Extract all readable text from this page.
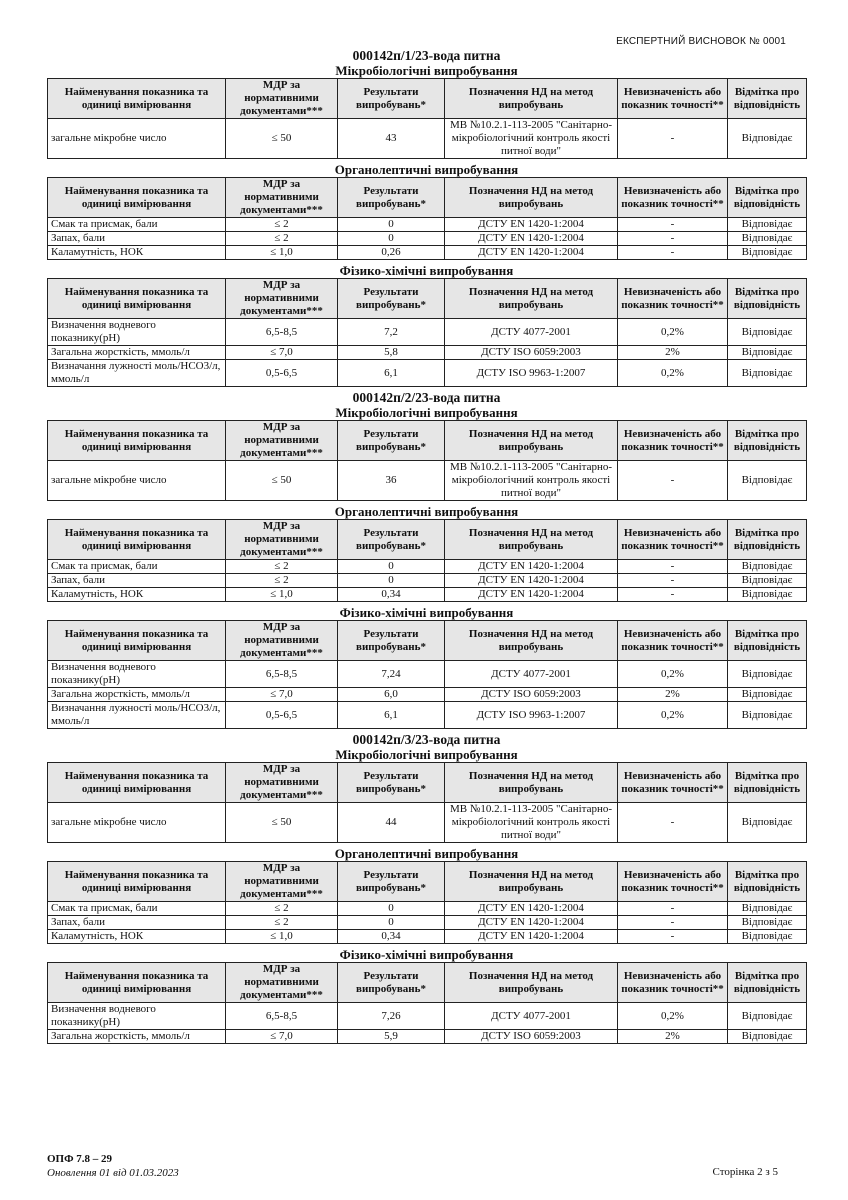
ЕКСПЕРТНИЙ ВИСНОВОК № 0001
000142п/1/23-вода питна
Мікробіологічні випробування
Найменування показника та одиниці вимірювання	МДР за нормативними документами***	Результати випробувань*	Позначення НД на метод випробувань	Невизначеність або показник точності**	Відмітка про відповідність
загальне мікробне число	≤ 50	43	МВ №10.2.1-113-2005 "Санітарно-мікробіологічний контроль якості питної води"	-	Відповідає
Органолептичні випробування
Найменування показника та одиниці вимірювання	МДР за нормативними документами***	Результати випробувань*	Позначення НД на метод випробувань	Невизначеність або показник точності**	Відмітка про відповідність
Смак та присмак, бали	≤ 2	0	ДСТУ EN 1420-1:2004	-	Відповідає
Запах, бали	≤ 2	0	ДСТУ EN 1420-1:2004	-	Відповідає
Каламутність, НОК	≤ 1,0	0,26	ДСТУ EN 1420-1:2004	-	Відповідає
Фізико-хімічні випробування
Найменування показника та одиниці вимірювання	МДР за нормативними документами***	Результати випробувань*	Позначення НД на метод випробувань	Невизначеність або показник точності**	Відмітка про відповідність
Визначення водневого показнику(pH)	6,5-8,5	7,2	ДСТУ 4077-2001	0,2%	Відповідає
Загальна жорсткість, ммоль/л	≤ 7,0	5,8	ДСТУ ISO 6059:2003	2%	Відповідає
Визначання лужності моль/НСО3/л, ммоль/л	0,5-6,5	6,1	ДСТУ ISO 9963-1:2007	0,2%	Відповідає
000142п/2/23-вода питна
Мікробіологічні випробування
Найменування показника та одиниці вимірювання	МДР за нормативними документами***	Результати випробувань*	Позначення НД на метод випробувань	Невизначеність або показник точності**	Відмітка про відповідність
загальне мікробне число	≤ 50	36	МВ №10.2.1-113-2005 "Санітарно-мікробіологічний контроль якості питної води"	-	Відповідає
Органолептичні випробування
Найменування показника та одиниці вимірювання	МДР за нормативними документами***	Результати випробувань*	Позначення НД на метод випробувань	Невизначеність або показник точності**	Відмітка про відповідність
Смак та присмак, бали	≤ 2	0	ДСТУ EN 1420-1:2004	-	Відповідає
Запах, бали	≤ 2	0	ДСТУ EN 1420-1:2004	-	Відповідає
Каламутність, НОК	≤ 1,0	0,34	ДСТУ EN 1420-1:2004	-	Відповідає
Фізико-хімічні випробування
Найменування показника та одиниці вимірювання	МДР за нормативними документами***	Результати випробувань*	Позначення НД на метод випробувань	Невизначеність або показник точності**	Відмітка про відповідність
Визначення водневого показнику(pH)	6,5-8,5	7,24	ДСТУ 4077-2001	0,2%	Відповідає
Загальна жорсткість, ммоль/л	≤ 7,0	6,0	ДСТУ ISO 6059:2003	2%	Відповідає
Визначання лужності моль/НСО3/л, ммоль/л	0,5-6,5	6,1	ДСТУ ISO 9963-1:2007	0,2%	Відповідає
000142п/3/23-вода питна
Мікробіологічні випробування
Найменування показника та одиниці вимірювання	МДР за нормативними документами***	Результати випробувань*	Позначення НД на метод випробувань	Невизначеність або показник точності**	Відмітка про відповідність
загальне мікробне число	≤ 50	44	МВ №10.2.1-113-2005 "Санітарно-мікробіологічний контроль якості питної води"	-	Відповідає
Органолептичні випробування
Найменування показника та одиниці вимірювання	МДР за нормативними документами***	Результати випробувань*	Позначення НД на метод випробувань	Невизначеність або показник точності**	Відмітка про відповідність
Смак та присмак, бали	≤ 2	0	ДСТУ EN 1420-1:2004	-	Відповідає
Запах, бали	≤ 2	0	ДСТУ EN 1420-1:2004	-	Відповідає
Каламутність, НОК	≤ 1,0	0,34	ДСТУ EN 1420-1:2004	-	Відповідає
Фізико-хімічні випробування
Найменування показника та одиниці вимірювання	МДР за нормативними документами***	Результати випробувань*	Позначення НД на метод випробувань	Невизначеність або показник точності**	Відмітка про відповідність
Визначення водневого показнику(pH)	6,5-8,5	7,26	ДСТУ 4077-2001	0,2%	Відповідає
Загальна жорсткість, ммоль/л	≤ 7,0	5,9	ДСТУ ISO 6059:2003	2%	Відповідає
ОПФ 7.8 – 29
Оновлення 01 від 01.03.2023	Сторінка 2 з 5
